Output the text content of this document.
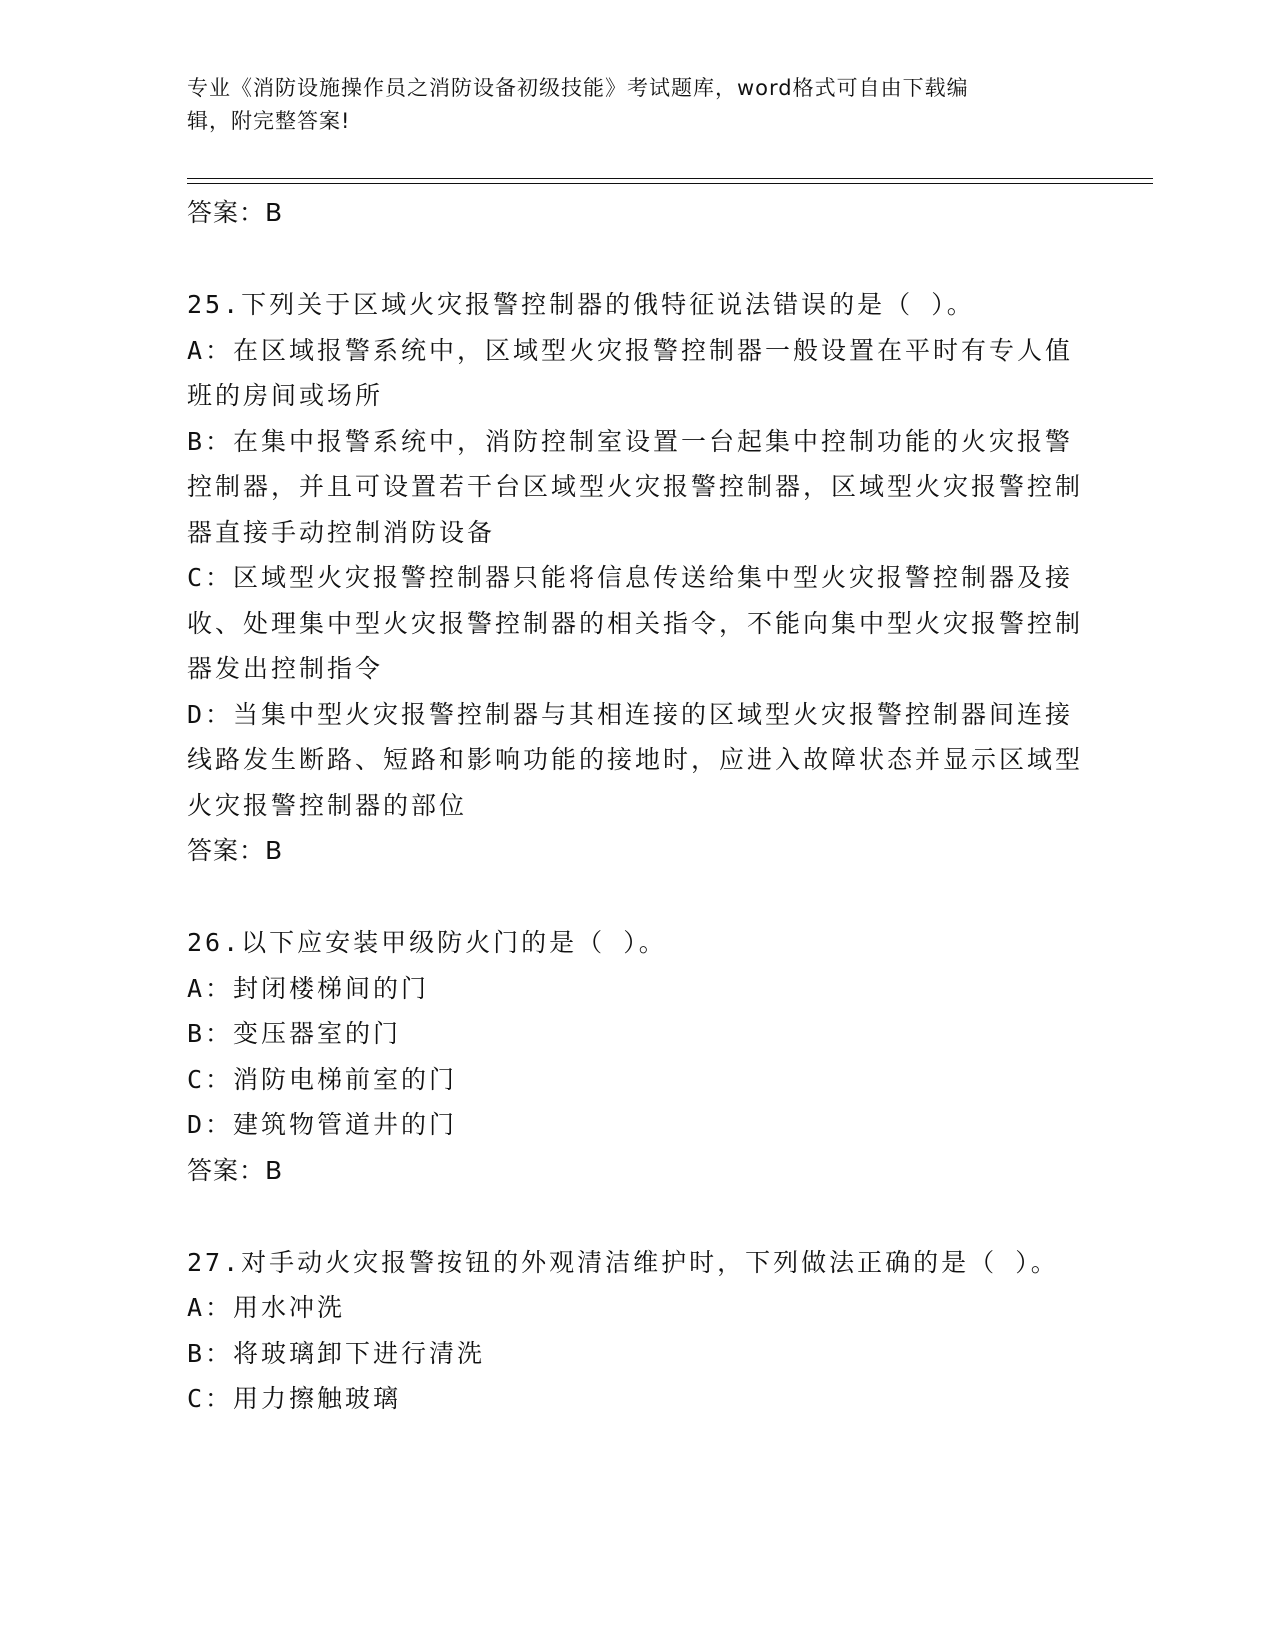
专业《消防设施操作员之消防设备初级技能》考试题库，word格式可自由下载编
辑，附完整答案!
答案：B
25.下列关于区域火灾报警控制器的俄特征说法错误的是（ ）。
A：在区域报警系统中，区域型火灾报警控制器一般设置在平时有专人值班的房间或场所
B：在集中报警系统中，消防控制室设置一台起集中控制功能的火灾报警控制器，并且可设置若干台区域型火灾报警控制器，区域型火灾报警控制器直接手动控制消防设备
C：区域型火灾报警控制器只能将信息传送给集中型火灾报警控制器及接收、处理集中型火灾报警控制器的相关指令，不能向集中型火灾报警控制器发出控制指令
D：当集中型火灾报警控制器与其相连接的区域型火灾报警控制器间连接线路发生断路、短路和影响功能的接地时，应进入故障状态并显示区域型火灾报警控制器的部位
答案：B
26.以下应安装甲级防火门的是（ ）。
A：封闭楼梯间的门
B：变压器室的门
C：消防电梯前室的门
D：建筑物管道井的门
答案：B
27.对手动火灾报警按钮的外观清洁维护时，下列做法正确的是（ ）。
A：用水冲洗
B：将玻璃卸下进行清洗
C：用力擦触玻璃
